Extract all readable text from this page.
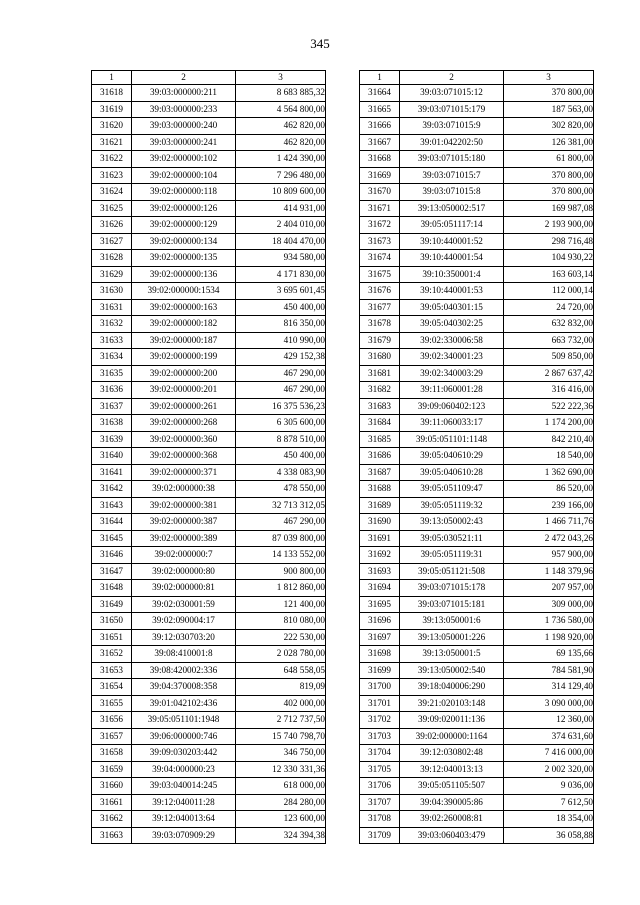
345
1	2	3
31618	39:03:000000:211	8 683 885,32
31619	39:03:000000:233	4 564 800,00
31620	39:03:000000:240	462 820,00
31621	39:03:000000:241	462 820,00
31622	39:02:000000:102	1 424 390,00
31623	39:02:000000:104	7 296 480,00
31624	39:02:000000:118	10 809 600,00
31625	39:02:000000:126	414 931,00
31626	39:02:000000:129	2 404 010,00
31627	39:02:000000:134	18 404 470,00
31628	39:02:000000:135	934 580,00
31629	39:02:000000:136	4 171 830,00
31630	39:02:000000:1534	3 695 601,45
31631	39:02:000000:163	450 400,00
31632	39:02:000000:182	816 350,00
31633	39:02:000000:187	410 990,00
31634	39:02:000000:199	429 152,38
31635	39:02:000000:200	467 290,00
31636	39:02:000000:201	467 290,00
31637	39:02:000000:261	16 375 536,23
31638	39:02:000000:268	6 305 600,00
31639	39:02:000000:360	8 878 510,00
31640	39:02:000000:368	450 400,00
31641	39:02:000000:371	4 338 083,90
31642	39:02:000000:38	478 550,00
31643	39:02:000000:381	32 713 312,05
31644	39:02:000000:387	467 290,00
31645	39:02:000000:389	87 039 800,00
31646	39:02:000000:7	14 133 552,00
31647	39:02:000000:80	900 800,00
31648	39:02:000000:81	1 812 860,00
31649	39:02:030001:59	121 400,00
31650	39:02:090004:17	810 080,00
31651	39:12:030703:20	222 530,00
31652	39:08:410001:8	2 028 780,00
31653	39:08:420002:336	648 558,05
31654	39:04:370008:358	819,09
31655	39:01:042102:436	402 000,00
31656	39:05:051101:1948	2 712 737,50
31657	39:06:000000:746	15 740 798,70
31658	39:09:030203:442	346 750,00
31659	39:04:000000:23	12 330 331,36
31660	39:03:040014:245	618 000,00
31661	39:12:040011:28	284 280,00
31662	39:12:040013:64	123 600,00
31663	39:03:070909:29	324 394,38
1	2	3
31664	39:03:071015:12	370 800,00
31665	39:03:071015:179	187 563,00
31666	39:03:071015:9	302 820,00
31667	39:01:042202:50	126 381,00
31668	39:03:071015:180	61 800,00
31669	39:03:071015:7	370 800,00
31670	39:03:071015:8	370 800,00
31671	39:13:050002:517	169 987,08
31672	39:05:051117:14	2 193 900,00
31673	39:10:440001:52	298 716,48
31674	39:10:440001:54	104 930,22
31675	39:10:350001:4	163 603,14
31676	39:10:440001:53	112 000,14
31677	39:05:040301:15	24 720,00
31678	39:05:040302:25	632 832,00
31679	39:02:330006:58	663 732,00
31680	39:02:340001:23	509 850,00
31681	39:02:340003:29	2 867 637,42
31682	39:11:060001:28	316 416,00
31683	39:09:060402:123	522 222,36
31684	39:11:060033:17	1 174 200,00
31685	39:05:051101:1148	842 210,40
31686	39:05:040610:29	18 540,00
31687	39:05:040610:28	1 362 690,00
31688	39:05:051109:47	86 520,00
31689	39:05:051119:32	239 166,00
31690	39:13:050002:43	1 466 711,76
31691	39:05:030521:11	2 472 043,26
31692	39:05:051119:31	957 900,00
31693	39:05:051121:508	1 148 379,96
31694	39:03:071015:178	207 957,00
31695	39:03:071015:181	309 000,00
31696	39:13:050001:6	1 736 580,00
31697	39:13:050001:226	1 198 920,00
31698	39:13:050001:5	69 135,66
31699	39:13:050002:540	784 581,90
31700	39:18:040006:290	314 129,40
31701	39:21:020103:148	3 090 000,00
31702	39:09:020011:136	12 360,00
31703	39:02:000000:1164	374 631,60
31704	39:12:030802:48	7 416 000,00
31705	39:12:040013:13	2 002 320,00
31706	39:05:051105:507	9 036,00
31707	39:04:390005:86	7 612,50
31708	39:02:260008:81	18 354,00
31709	39:03:060403:479	36 058,88
